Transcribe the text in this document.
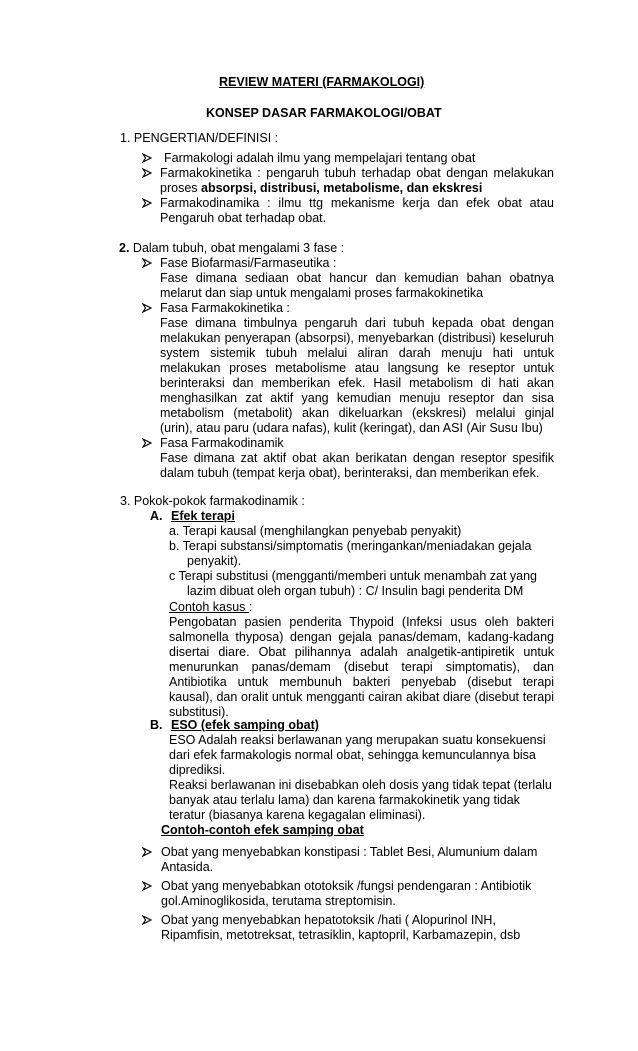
REVIEW MATERI (FARMAKOLOGI)
KONSEP DASAR FARMAKOLOGI/OBAT
1. PENGERTIAN/DEFINISI :
Farmakologi adalah ilmu yang mempelajari tentang obat
Farmakokinetika : pengaruh tubuh terhadap obat dengan melakukan
proses absorpsi, distribusi, metabolisme, dan ekskresi
Farmakodinamika : ilmu ttg mekanisme kerja dan efek obat atau
Pengaruh obat terhadap obat.
2. Dalam tubuh, obat mengalami 3 fase :
Fase Biofarmasi/Farmaseutika :
Fase dimana sediaan obat hancur dan kemudian bahan obatnya
melarut dan siap untuk mengalami proses farmakokinetika
Fasa Farmakokinetika :
Fase dimana timbulnya pengaruh dari tubuh kepada obat dengan
melakukan penyerapan (absorpsi), menyebarkan (distribusi) keseluruh
system sistemik tubuh melalui aliran darah menuju hati untuk
melakukan proses metabolisme atau langsung ke reseptor untuk
berinteraksi dan memberikan efek. Hasil metabolism di hati akan
menghasilkan zat aktif yang kemudian menuju reseptor dan sisa
metabolism (metabolit) akan dikeluarkan (ekskresi) melalui ginjal
(urin), atau paru (udara nafas), kulit (keringat), dan ASI (Air Susu Ibu)
Fasa Farmakodinamik
Fase dimana zat aktif obat akan berikatan dengan reseptor spesifik
dalam tubuh (tempat kerja obat), berinteraksi, dan memberikan efek.
3. Pokok-pokok farmakodinamik :
A. Efek terapi
a. Terapi kausal (menghilangkan penyebab penyakit)
b. Terapi substansi/simptomatis (meringankan/meniadakan gejala
penyakit).
c Terapi substitusi (mengganti/memberi untuk menambah zat yang
lazim dibuat oleh organ tubuh) : C/ Insulin bagi penderita DM
Contoh kasus :
Pengobatan pasien penderita Thypoid (Infeksi usus oleh bakteri
salmonella thyposa) dengan gejala panas/demam, kadang-kadang
disertai diare. Obat pilihannya adalah analgetik-antipiretik untuk
menurunkan panas/demam (disebut terapi simptomatis), dan
Antibiotika untuk membunuh bakteri penyebab (disebut terapi
kausal), dan oralit untuk mengganti cairan akibat diare (disebut terapi
substitusi).
B. ESO (efek samping obat)
ESO Adalah reaksi berlawanan yang merupakan suatu konsekuensi
dari efek farmakologis normal obat, sehingga kemunculannya bisa
diprediksi.
Reaksi berlawanan ini disebabkan oleh dosis yang tidak tepat (terlalu
banyak atau terlalu lama) dan karena farmakokinetik yang tidak
teratur (biasanya karena kegagalan eliminasi).
Contoh-contoh efek samping obat
Obat yang menyebabkan konstipasi : Tablet Besi, Alumunium dalam
Antasida.
Obat yang menyebabkan ototoksik /fungsi pendengaran : Antibiotik
gol.Aminoglikosida, terutama streptomisin.
Obat yang menyebabkan hepatotoksik /hati ( Alopurinol INH,
Ripamfisin, metotreksat, tetrasiklin, kaptopril, Karbamazepin, dsb
